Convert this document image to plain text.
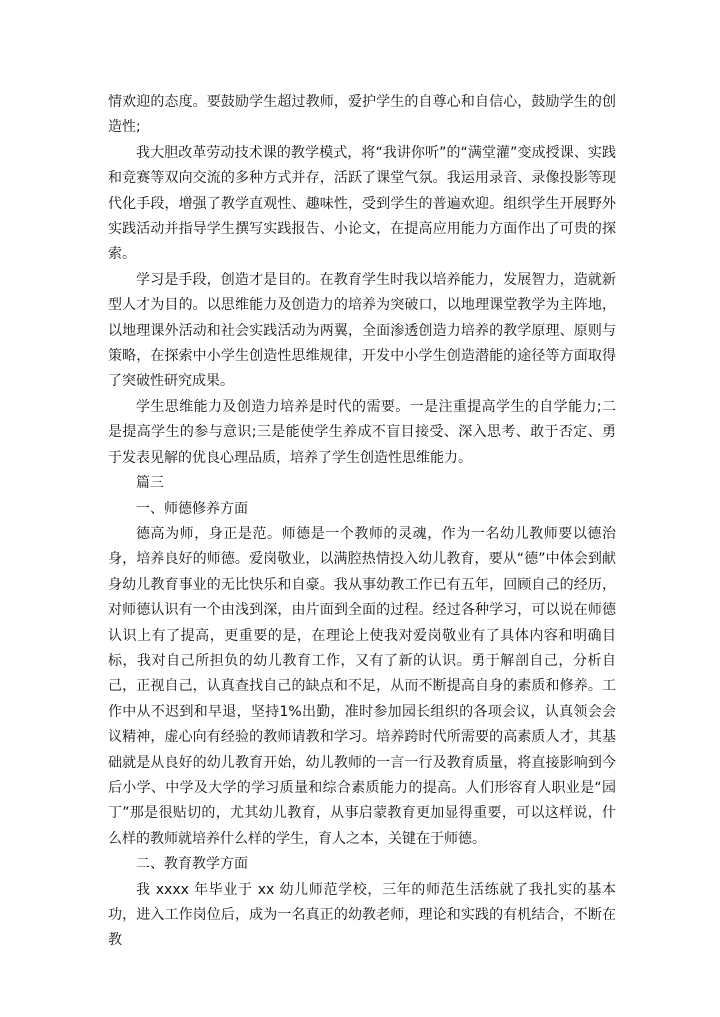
情欢迎的态度。要鼓励学生超过教师，爱护学生的自尊心和自信心，鼓励学生的创造性;

我大胆改革劳动技术课的教学模式，将“我讲你听”的“满堂灌”变成授课、实践和竞赛等双向交流的多种方式并存，活跃了课堂气氛。我运用录音、录像投影等现代化手段，增强了教学直观性、趣味性，受到学生的普遍欢迎。组织学生开展野外实践活动并指导学生撰写实践报告、小论文，在提高应用能力方面作出了可贵的探索。

学习是手段，创造才是目的。在教育学生时我以培养能力，发展智力，造就新型人才为目的。以思维能力及创造力的培养为突破口，以地理课堂教学为主阵地，以地理课外活动和社会实践活动为两翼，全面渗透创造力培养的教学原理、原则与策略，在探索中小学生创造性思维规律，开发中小学生创造潜能的途径等方面取得了突破性研究成果。

学生思维能力及创造力培养是时代的需要。一是注重提高学生的自学能力;二是提高学生的参与意识;三是能使学生养成不盲目接受、深入思考、敢于否定、勇于发表见解的优良心理品质，培养了学生创造性思维能力。

篇三

一、师德修养方面

德高为师，身正是范。师德是一个教师的灵魂，作为一名幼儿教师要以德治身，培养良好的师德。爱岗敬业，以满腔热情投入幼儿教育，要从“德”中体会到献身幼儿教育事业的无比快乐和自豪。我从事幼教工作已有五年，回顾自己的经历，对师德认识有一个由浅到深，由片面到全面的过程。经过各种学习，可以说在师德认识上有了提高，更重要的是，在理论上使我对爱岗敬业有了具体内容和明确目标，我对自己所担负的幼儿教育工作，又有了新的认识。勇于解剖自己，分析自己，正视自己，认真查找自己的缺点和不足，从而不断提高自身的素质和修养。工作中从不迟到和早退，坚持1%出勤，准时参加园长组织的各项会议，认真领会会议精神，虚心向有经验的教师请教和学习。培养跨时代所需要的高素质人才，其基础就是从良好的幼儿教育开始，幼儿教师的一言一行及教育质量，将直接影响到今后小学、中学及大学的学习质量和综合素质能力的提高。人们形容育人职业是“园丁”那是很贴切的，尤其幼儿教育，从事启蒙教育更加显得重要，可以这样说，什么样的教师就培养什么样的学生，育人之本，关键在于师德。

二、教育教学方面

我 xxxx 年毕业于 xx 幼儿师范学校，三年的师范生活练就了我扎实的基本功，进入工作岗位后，成为一名真正的幼教老师，理论和实践的有机结合，不断在教
